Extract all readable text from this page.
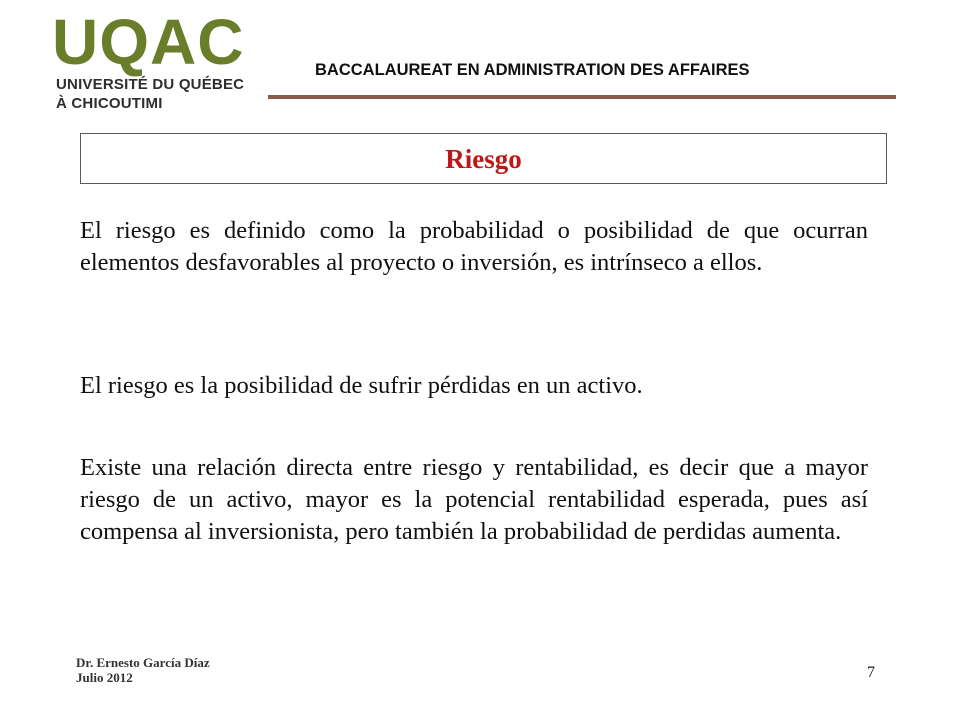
UQAC
UNIVERSITÉ DU QUÉBEC
À CHICOUTIMI
BACCALAUREAT EN ADMINISTRATION DES AFFAIRES
Riesgo

El riesgo es definido como la probabilidad o posibilidad de que ocurran elementos desfavorables al proyecto o inversión, es intrínseco a ellos.

El riesgo es la posibilidad de sufrir pérdidas en un activo.

Existe una relación directa entre riesgo y rentabilidad, es decir que a mayor riesgo de un activo, mayor es la potencial rentabilidad esperada, pues así compensa al inversionista, pero también la probabilidad de perdidas aumenta.

Dr. Ernesto García Díaz
Julio 2012	7
